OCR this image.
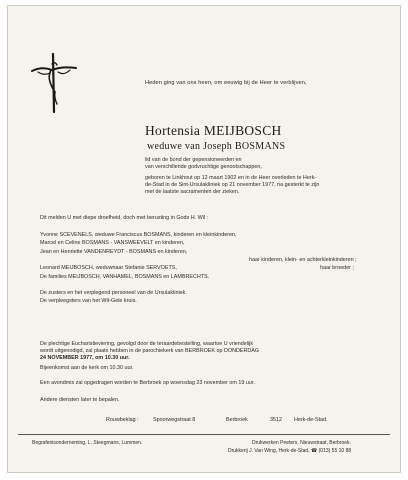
Heden ging van ons heen, om eeuwig bij de Heer te verblijven,
Hortensia MEIJBOSCH
weduwe van Joseph BOSMANS
lid van de bond der gepensioneerden en
van verschillende godvruchtige genootschappen,
geboren te Linkhout op 12 maart 1902 en in de Heer overleden te Herk-
de-Stad in de Sint-Ursulakliniek op 21 november 1977, na gesterkt te zijn
met de laatste sacramenten der zieken.
Dit melden U met diepe droefheid, doch met berusting in Gods H. Wil :
Yvonne SCEVENELS, weduwe Franciscus BOSMANS, kinderen en kleinkinderen,
Marcel en Celine BOSMANS - VANSWEEVELT en kinderen,
Jean en Henriette VANDENREYDT - BOSMANS en kinderen,
haar kinderen, klein- en achterkleinkinderen ;
Leonard MEIJBOSCH, weduwnaar Stefanie SERVOETS,	haar broeder ;
De families MEIJBOSCH, VANHAMEL, BOSMANS en LAMBRECHTS.
De zusters en het verplegend personeel van de Ursulakliniek.
De verpleegsters van het Wit-Gele kruis.
De plechtige Eucharistieviering, gevolgd door de teraardebestelling, waartoe U vriendelijk
wordt uitgenodigd, zal plaats hebben in de parochiekerk van BERBROEK op DONDERDAG
24 NOVEMBER 1977, om 10.30 uur.
Bijeenkomst aan de kerk om 10.30 uur.
Een avondmis zal opgedragen worden te Berbroek op woensdag 23 november om 19 uur.
Andere diensten later te bepalen.
Rouwbeklag :	Spoorwegstraat 8	Berbroek	3512 Herk-de-Stad.
Begrafenisonderneming, L. Steegmans, Lummen.	Drukwerken Peeters, Nieuwstraat, Berbroek.
Drukkerij J. Van Wing, Herk-de-Stad, ☎ (013) 55 10 88
